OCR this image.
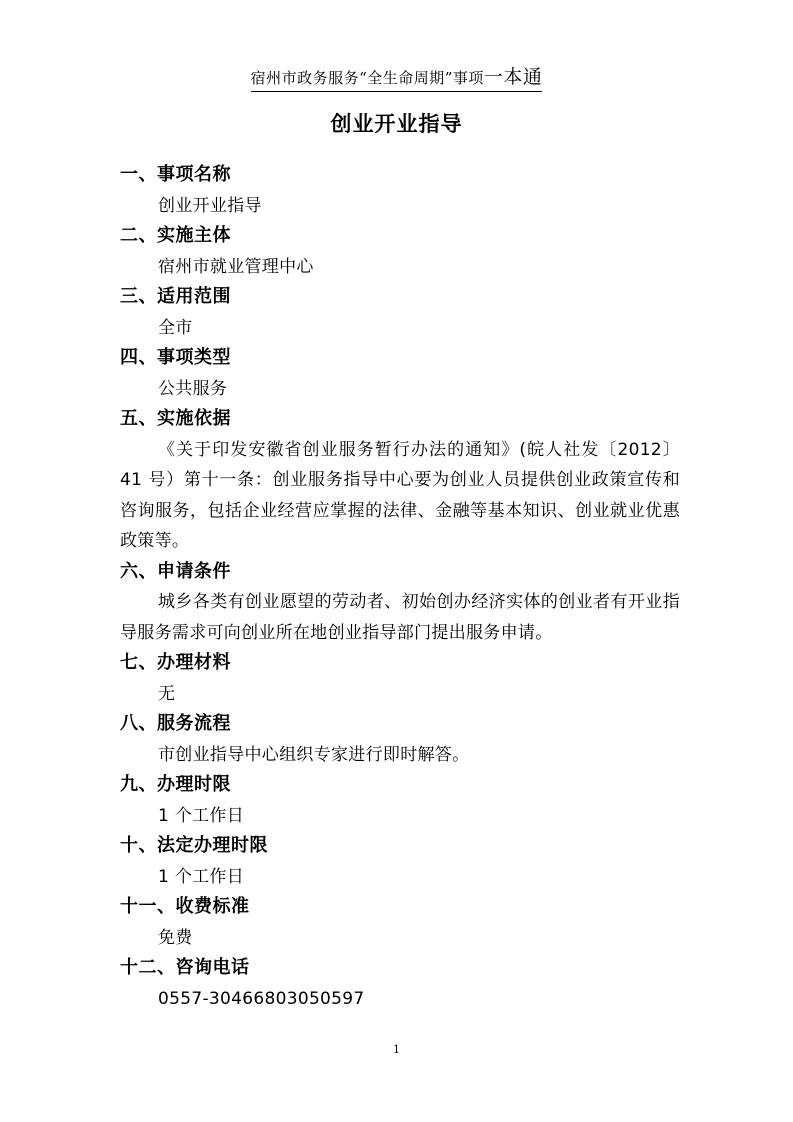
宿州市政务服务“全生命周期”事项一本通
创业开业指导
一、事项名称
创业开业指导
二、实施主体
宿州市就业管理中心
三、适用范围
全市
四、事项类型
公共服务
五、实施依据
《关于印发安徽省创业服务暂行办法的通知》(皖人社发〔2012〕41 号）第十一条：创业服务指导中心要为创业人员提供创业政策宣传和咨询服务，包括企业经营应掌握的法律、金融等基本知识、创业就业优惠政策等。
六、申请条件
城乡各类有创业愿望的劳动者、初始创办经济实体的创业者有开业指导服务需求可向创业所在地创业指导部门提出服务申请。
七、办理材料
无
八、服务流程
市创业指导中心组织专家进行即时解答。
九、办理时限
1 个工作日
十、法定办理时限
1 个工作日
十一、收费标准
免费
十二、咨询电话
0557-30466803050597
1
